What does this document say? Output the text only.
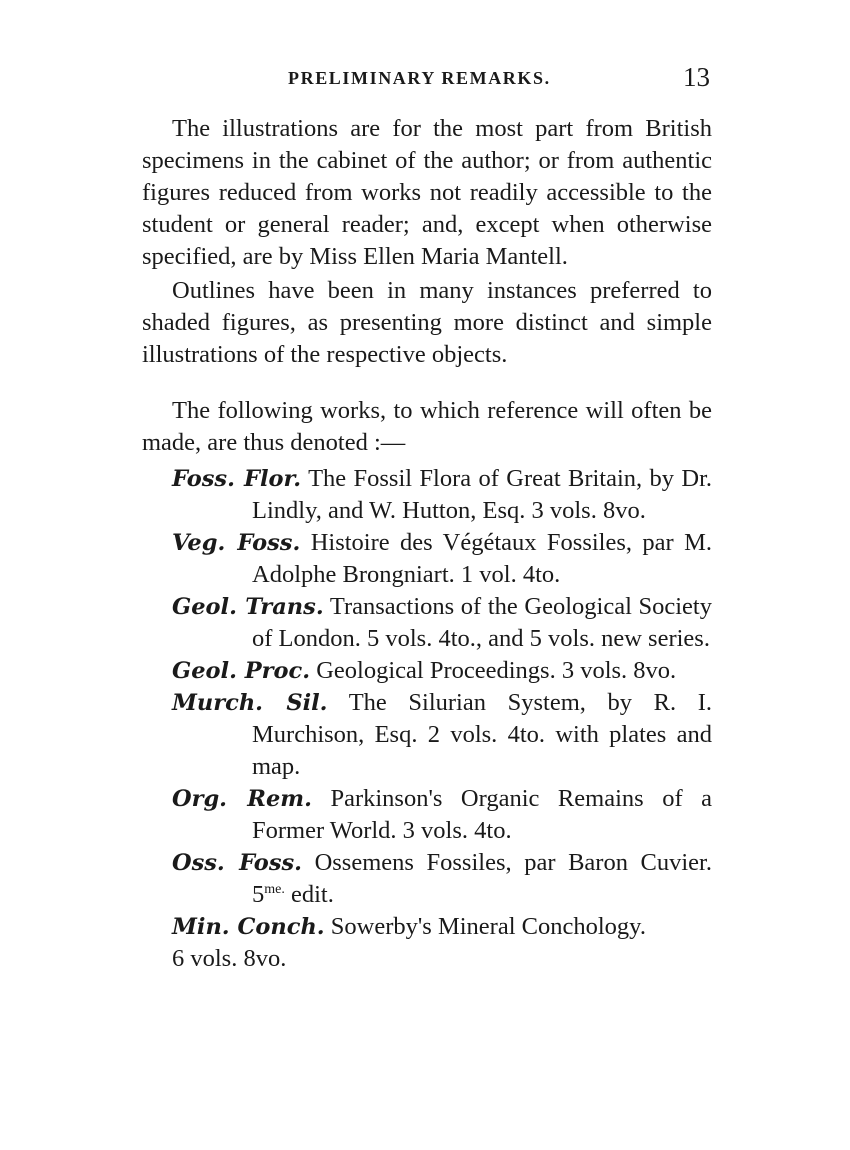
PRELIMINARY REMARKS.	13

The illustrations are for the most part from British specimens in the cabinet of the author; or from authentic figures reduced from works not readily accessible to the student or general reader; and, except when otherwise specified, are by Miss Ellen Maria Mantell.

Outlines have been in many instances preferred to shaded figures, as presenting more distinct and simple illustrations of the respective objects.

The following works, to which reference will often be made, are thus denoted :—

Foss. Flor. The Fossil Flora of Great Britain, by Dr. Lindly, and W. Hutton, Esq. 3 vols. 8vo.

Veg. Foss. Histoire des Végétaux Fossiles, par M. Adolphe Brongniart. 1 vol. 4to.

Geol. Trans. Transactions of the Geological Society of London. 5 vols. 4to., and 5 vols. new series.

Geol. Proc. Geological Proceedings. 3 vols. 8vo.

Murch. Sil. The Silurian System, by R. I. Murchison, Esq. 2 vols. 4to. with plates and map.

Org. Rem. Parkinson's Organic Remains of a Former World. 3 vols. 4to.

Oss. Foss. Ossemens Fossiles, par Baron Cuvier. $5^{me.}$ edit.

Min. Conch. Sowerby's Mineral Conchology.

6 vols. 8vo.
